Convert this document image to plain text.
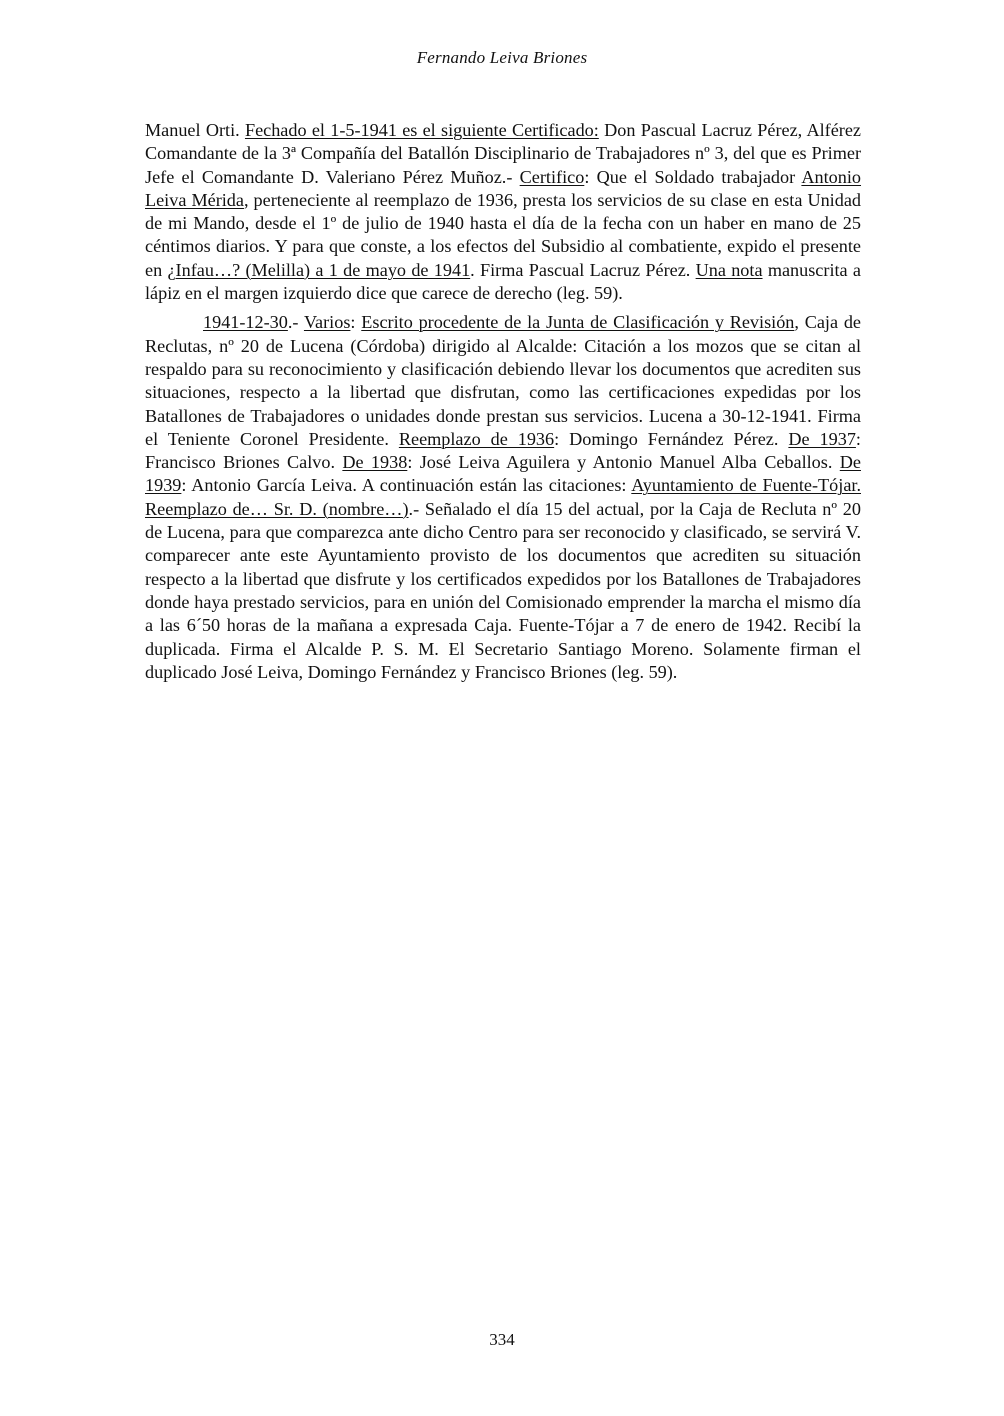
Fernando Leiva Briones

Manuel Orti. Fechado el 1-5-1941 es el siguiente Certificado: Don Pascual Lacruz Pérez, Alférez Comandante de la 3ª Compañía del Batallón Disciplinario de Trabajadores nº 3, del que es Primer Jefe el Comandante D. Valeriano Pérez Muñoz.- Certifico: Que el Soldado trabajador Antonio Leiva Mérida, perteneciente al reemplazo de 1936, presta los servicios de su clase en esta Unidad de mi Mando, desde el 1º de julio de 1940 hasta el día de la fecha con un haber en mano de 25 céntimos diarios. Y para que conste, a los efectos del Subsidio al combatiente, expido el presente en ¿Infau…? (Melilla) a 1 de mayo de 1941. Firma Pascual Lacruz Pérez. Una nota manuscrita a lápiz en el margen izquierdo dice que carece de derecho (leg. 59).

1941-12-30.- Varios: Escrito procedente de la Junta de Clasificación y Revisión, Caja de Reclutas, nº 20 de Lucena (Córdoba) dirigido al Alcalde: Citación a los mozos que se citan al respaldo para su reconocimiento y clasificación debiendo llevar los documentos que acrediten sus situaciones, respecto a la libertad que disfrutan, como las certificaciones expedidas por los Batallones de Trabajadores o unidades donde prestan sus servicios. Lucena a 30-12-1941. Firma el Teniente Coronel Presidente. Reemplazo de 1936: Domingo Fernández Pérez. De 1937: Francisco Briones Calvo. De 1938: José Leiva Aguilera y Antonio Manuel Alba Ceballos. De 1939: Antonio García Leiva. A continuación están las citaciones: Ayuntamiento de Fuente-Tójar. Reemplazo de… Sr. D. (nombre…).- Señalado el día 15 del actual, por la Caja de Recluta nº 20 de Lucena, para que comparezca ante dicho Centro para ser reconocido y clasificado, se servirá V. comparecer ante este Ayuntamiento provisto de los documentos que acrediten su situación respecto a la libertad que disfrute y los certificados expedidos por los Batallones de Trabajadores donde haya prestado servicios, para en unión del Comisionado emprender la marcha el mismo día a las 6´50 horas de la mañana a expresada Caja. Fuente-Tójar a 7 de enero de 1942. Recibí la duplicada. Firma el Alcalde P. S. M. El Secretario Santiago Moreno. Solamente firman el duplicado José Leiva, Domingo Fernández y Francisco Briones (leg. 59).

334
